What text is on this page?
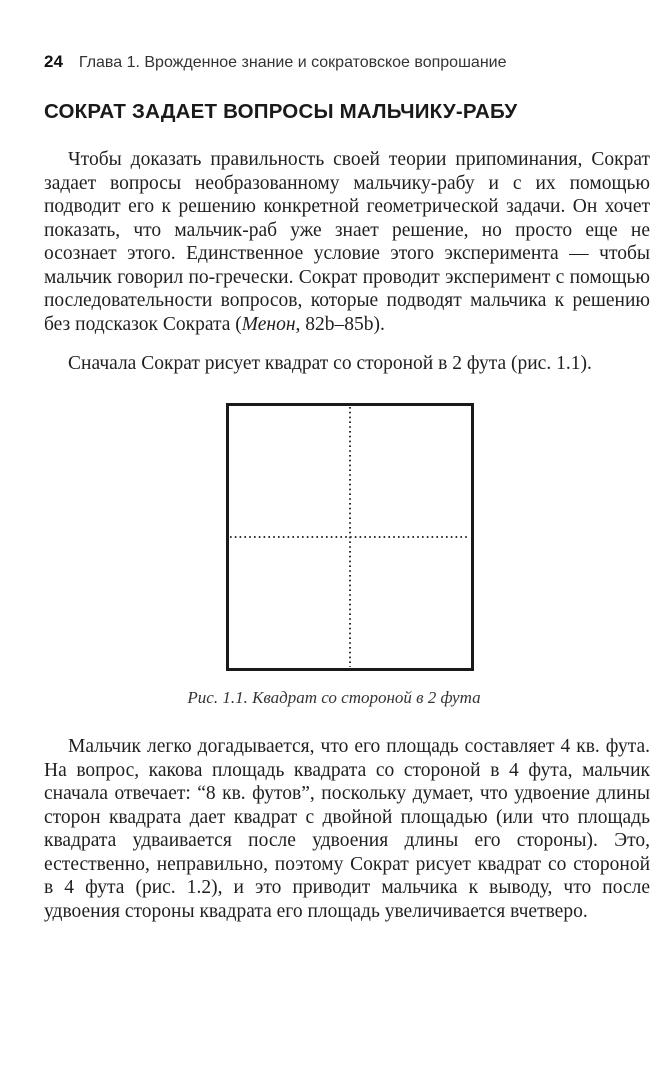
24 Глава 1. Врожденное знание и сократовское вопрошание
СОКРАТ ЗАДАЕТ ВОПРОСЫ МАЛЬЧИКУ-РАБУ

Чтобы доказать правильность своей теории припоминания, Сократ задает вопросы необразованному мальчику-рабу и с их помощью подводит его к решению конкретной геометрической задачи. Он хочет показать, что мальчик-раб уже знает решение, но просто еще не осознает этого. Единственное условие этого эксперимента — чтобы мальчик говорил по-гречески. Сократ проводит эксперимент с помощью последовательности вопросов, которые подводят мальчика к решению без подсказок Сократа (Менон, 82b–85b).

Сначала Сократ рисует квадрат со стороной в 2 фута (рис. 1.1).

Рис. 1.1. Квадрат со стороной в 2 фута

Мальчик легко догадывается, что его площадь составляет 4 кв. фута. На вопрос, какова площадь квадрата со стороной в 4 фута, мальчик сначала отвечает: “8 кв. футов”, поскольку думает, что удвоение длины сторон квадрата дает квадрат с двойной площадью (или что площадь квадрата удваивается после удвоения длины его стороны). Это, естественно, неправильно, поэтому Сократ рисует квадрат со стороной в 4 фута (рис. 1.2), и это приводит мальчика к выводу, что после удвоения стороны квадрата его площадь увеличивается вчетверо.
